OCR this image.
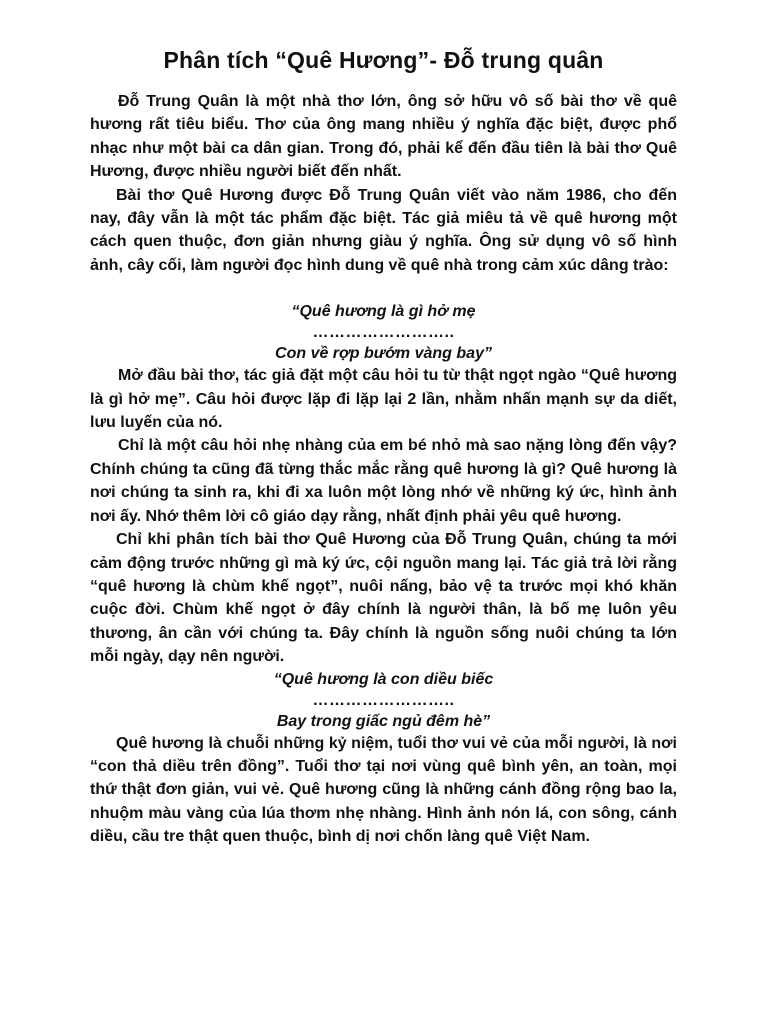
Phân tích “Quê Hương”- Đỗ trung quân

Đỗ Trung Quân là một nhà thơ lớn, ông sở hữu vô số bài thơ về quê hương rất tiêu biểu. Thơ của ông mang nhiều ý nghĩa đặc biệt, được phổ nhạc như một bài ca dân gian. Trong đó, phải kể đến đầu tiên là bài thơ Quê Hương, được nhiều người biết đến nhất.

Bài thơ Quê Hương được Đỗ Trung Quân viết vào năm 1986, cho đến nay, đây vẫn là một tác phẩm đặc biệt. Tác giả miêu tả về quê hương một cách quen thuộc, đơn giản nhưng giàu ý nghĩa. Ông sử dụng vô số hình ảnh, cây cối, làm người đọc hình dung về quê nhà trong cảm xúc dâng trào:

“Quê hương là gì hở mẹ

……………………..

Con về rợp bướm vàng bay”

Mở đầu bài thơ, tác giả đặt một câu hỏi tu từ thật ngọt ngào “Quê hương là gì hở mẹ”. Câu hỏi được lặp đi lặp lại 2 lần, nhằm nhấn mạnh sự da diết, lưu luyến của nó.

Chỉ là một câu hỏi nhẹ nhàng của em bé nhỏ mà sao nặng lòng đến vậy? Chính chúng ta cũng đã từng thắc mắc rằng quê hương là gì? Quê hương là nơi chúng ta sinh ra, khi đi xa luôn một lòng nhớ về những ký ức, hình ảnh nơi ấy. Nhớ thêm lời cô giáo dạy rằng, nhất định phải yêu quê hương.

Chỉ khi phân tích bài thơ Quê Hương của Đỗ Trung Quân, chúng ta mới cảm động trước những gì mà ký ức, cội nguồn mang lại. Tác giả trả lời rằng “quê hương là chùm khế ngọt”, nuôi nấng, bảo vệ ta trước mọi khó khăn cuộc đời. Chùm khế ngọt ở đây chính là người thân, là bố mẹ luôn yêu thương, ân cần với chúng ta. Đây chính là nguồn sống nuôi chúng ta lớn mỗi ngày, dạy nên người.

“Quê hương là con diều biếc

……………………..

Bay trong giấc ngủ đêm hè”

Quê hương là chuỗi những kỷ niệm, tuổi thơ vui vẻ của mỗi người, là nơi “con thả diều trên đồng”. Tuổi thơ tại nơi vùng quê bình yên, an toàn, mọi thứ thật đơn giản, vui vẻ. Quê hương cũng là những cánh đồng rộng bao la, nhuộm màu vàng của lúa thơm nhẹ nhàng. Hình ảnh nón lá, con sông, cánh diều, cầu tre thật quen thuộc, bình dị nơi chốn làng quê Việt Nam.
